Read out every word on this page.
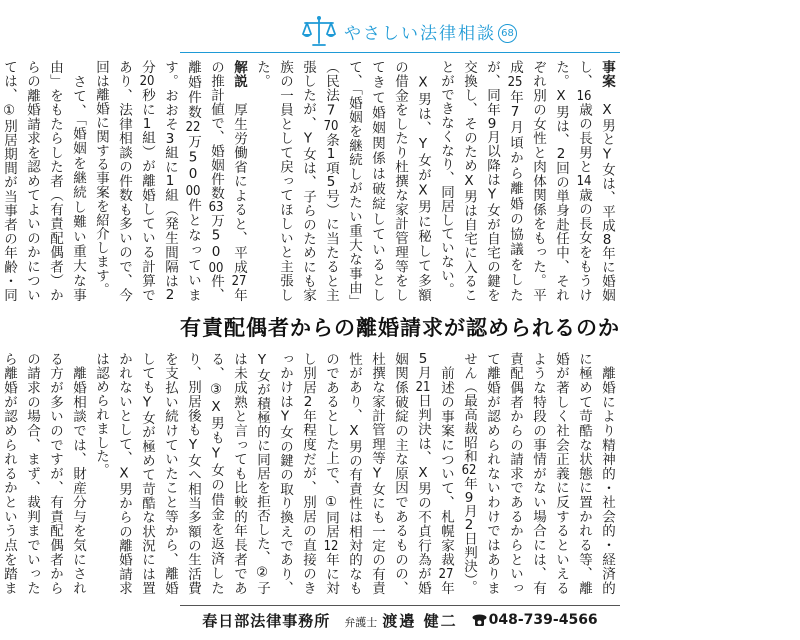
やさしい法律相談 68

事案　X男とY女は、平成8年に婚姻し、16歳の長男と14歳の長女をもうけた。X男は、2回の単身赴任中、それぞれ別の女性と肉体関係をもった。平成25年7月頃から離婚の協議をしたが、同年9月以降はY女が自宅の鍵を交換し、そのためX男は自宅に入ることができなくなり、同居していない。

　X男は、Y女がX男に秘して多額の借金をしたり杜撰な家計管理等をしてきて婚姻関係は破綻しているとして、「婚姻を継続しがたい重大な事由」（民法770条1項5号）に当たると主張したが、Y女は、子らのためにも家族の一員として戻ってほしいと主張した。

解説　厚生労働省によると、平成27年の推計値で、婚姻件数63万5000件、離婚件数22万5000件となっています。おおそ3組に1組（発生間隔は2分20秒に1組）が離婚している計算であり、法律相談の件数も多いので、今回は離婚に関する事案を紹介します。

　さて、「婚姻を継続し難い重大な事由」をもたらした者（有責配偶者）からの離婚請求を認めてよいのかについては、①別居期間が当事者の年齢・同

有責配偶者からの離婚請求が認められるのか

　離婚により精神的・社会的・経済的に極めて苛酷な状態に置かれる等、離婚が著しく社会正義に反するといえるような特段の事情がない場合には、有責配偶者からの請求であるからといって離婚が認められないわけではありません（最高裁昭和62年9月2日判決）。

　前述の事案について、札幌家裁27年5月21日判決は、X男の不貞行為が婚姻関係破綻の主な原因であるものの、杜撰な家計管理等Y女にも一定の有責性があり、X男の有責性は相対的なものであるとした上で、①同居12年に対し別居2年程度だが、別居の直接のきっかけはY女の鍵の取り換えであり、Y女が積極的に同居を拒否した、②子は未成熟と言っても比較的年長者である、③X男もY女の借金を返済したり、別居後もY女へ相当多額の生活費を支払い続けていたこと等から、離婚してもY女が極めて苛酷な状況には置かれないとして、X男からの離婚請求は認められました。

　離婚相談では、財産分与を気にされる方が多いのですが、有責配偶者からの請求の場合、まず、裁判までいったら離婚が認められるかという点を踏ま

春日部法律事務所 弁護士 渡邉 健二 048-739-4566
